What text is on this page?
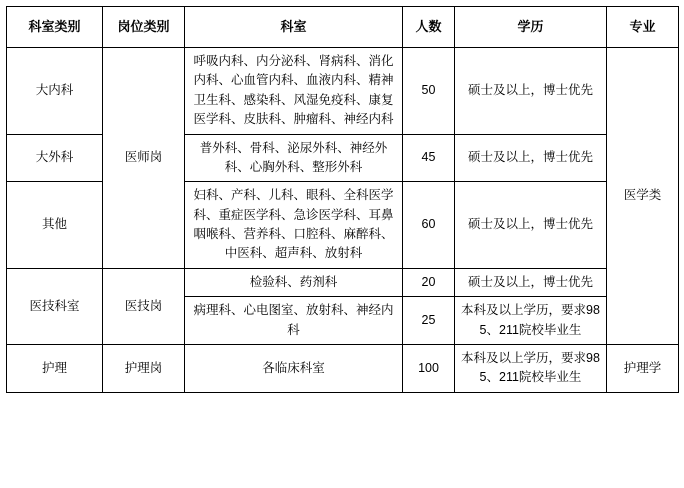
科室类别	岗位类别	科室	人数	学历	专业
大内科	医师岗	呼吸内科、内分泌科、肾病科、消化内科、心血管内科、血液内科、精神卫生科、感染科、风湿免疫科、康复医学科、皮肤科、肿瘤科、神经内科	50	硕士及以上，博士优先	医学类
大外科		普外科、骨科、泌尿外科、神经外科、心胸外科、整形外科	45	硕士及以上，博士优先	
其他		妇科、产科、儿科、眼科、全科医学科、重症医学科、急诊医学科、耳鼻咽喉科、营养科、口腔科、麻醉科、中医科、超声科、放射科	60	硕士及以上，博士优先	
医技科室	医技岗	检验科、药剂科	20	硕士及以上，博士优先	
		病理科、心电图室、放射科、神经内科	25	本科及以上学历，要求985、211院校毕业生	
护理	护理岗	各临床科室	100	本科及以上学历，要求985、211院校毕业生	护理学
